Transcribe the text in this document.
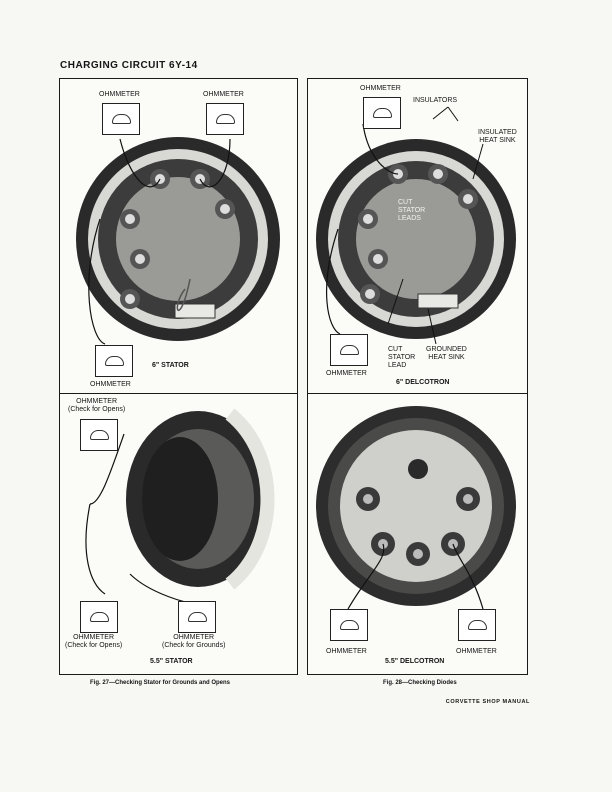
CHARGING CIRCUIT 6Y-14
OHMMETER	OHMMETER
OHMMETER
6" STATOR
OHMMETER
INSULATORS
INSULATED
HEAT SINK
CUT
STATOR
LEADS
OHMMETER
CUT
STATOR
LEAD
GROUNDED
HEAT SINK
6" DELCOTRON
OHMMETER
(Check for Opens)
OHMMETER
(Check for Opens)
OHMMETER
(Check for Grounds)
5.5" STATOR
OHMMETER	OHMMETER
5.5" DELCOTRON
Fig. 27—Checking Stator for Grounds and Opens	Fig. 28—Checking Diodes
CORVETTE SHOP MANUAL
